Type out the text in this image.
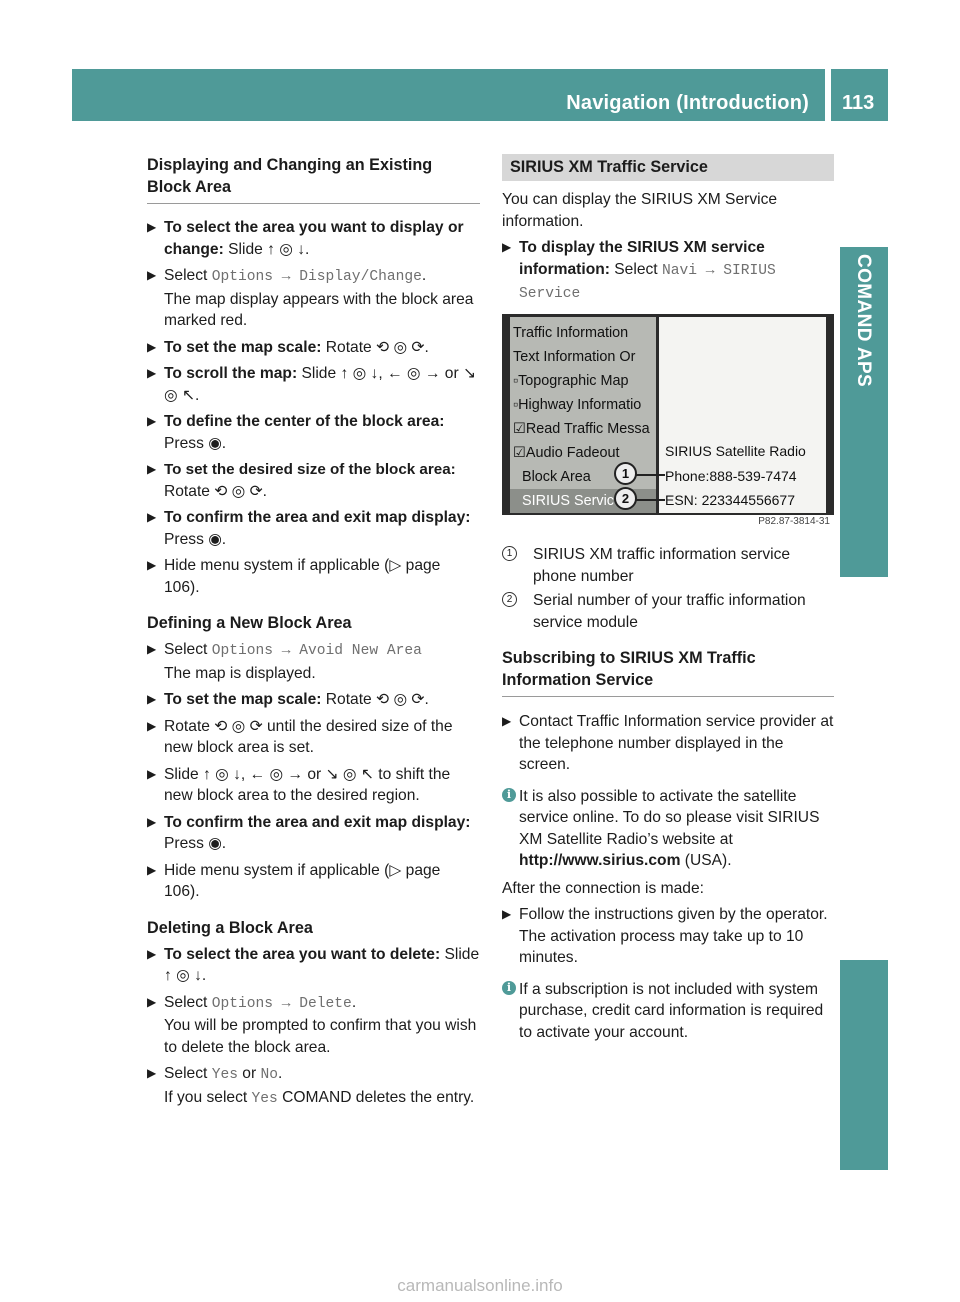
Navigation (Introduction) 113
COMAND APS
Displaying and Changing an Existing Block Area
▶ To select the area you want to display or change: Slide ↑ ◎ ↓.
▶ Select Options → Display/Change.
The map display appears with the block area marked red.
▶ To set the map scale: Rotate ⟲ ◎ ⟳.
▶ To scroll the map: Slide ↑ ◎ ↓, ← ◎ → or ↘ ◎ ↖.
▶ To define the center of the block area: Press ◉.
▶ To set the desired size of the block area: Rotate ⟲ ◎ ⟳.
▶ To confirm the area and exit map display: Press ◉.
▶ Hide menu system if applicable (▷ page 106).
Defining a New Block Area
▶ Select Options → Avoid New Area
The map is displayed.
▶ To set the map scale: Rotate ⟲ ◎ ⟳.
▶ Rotate ⟲ ◎ ⟳ until the desired size of the new block area is set.
▶ Slide ↑ ◎ ↓, ← ◎ → or ↘ ◎ ↖ to shift the new block area to the desired region.
▶ To confirm the area and exit map display: Press ◉.
▶ Hide menu system if applicable (▷ page 106).
Deleting a Block Area
▶ To select the area you want to delete: Slide ↑ ◎ ↓.
▶ Select Options → Delete.
You will be prompted to confirm that you wish to delete the block area.
▶ Select Yes or No.
If you select Yes COMAND deletes the entry.
SIRIUS XM Traffic Service
You can display the SIRIUS XM Service information.
▶ To display the SIRIUS XM service information: Select Navi → SIRIUS Service
Traffic Information
Text Information Or
▫Topographic Map
▫Highway Informatio
☑Read Traffic Messa
☑Audio Fadeout
Block Area
SIRIUS Servic
SIRIUS Satellite Radio
Phone:888-539-7474
ESN: 223344556677
1
2
P82.87-3814-31
1	SIRIUS XM traffic information service phone number
2	Serial number of your traffic information service module
Subscribing to SIRIUS XM Traffic Information Service
▶ Contact Traffic Information service provider at the telephone number displayed in the screen.
i It is also possible to activate the satellite service online. To do so please visit SIRIUS XM Satellite Radio’s website at http://www.sirius.com (USA).
After the connection is made:
▶ Follow the instructions given by the operator.
The activation process may take up to 10 minutes.
i If a subscription is not included with system purchase, credit card information is required to activate your account.
carmanualsonline.info
